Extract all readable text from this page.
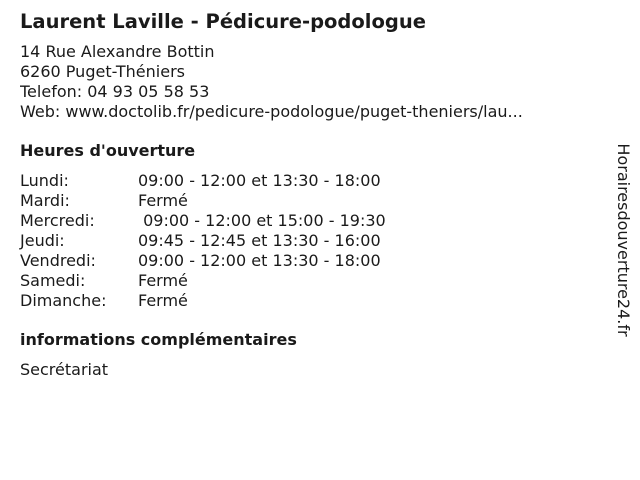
Laurent Laville - Pédicure-podologue
14 Rue Alexandre Bottin
6260 Puget-Théniers
Telefon: 04 93 05 58 53
Web: www.doctolib.fr/pedicure-podologue/puget-theniers/lau...
Heures d'ouverture
Lundi:	09:00 - 12:00 et 13:30 - 18:00
Mardi:	Fermé
Mercredi:	09:00 - 12:00 et 15:00 - 19:30
Jeudi:	09:45 - 12:45 et 13:30 - 16:00
Vendredi:	09:00 - 12:00 et 13:30 - 18:00
Samedi:	Fermé
Dimanche:	Fermé
informations complémentaires
Secrétariat
Horairesdouverture24.fr
